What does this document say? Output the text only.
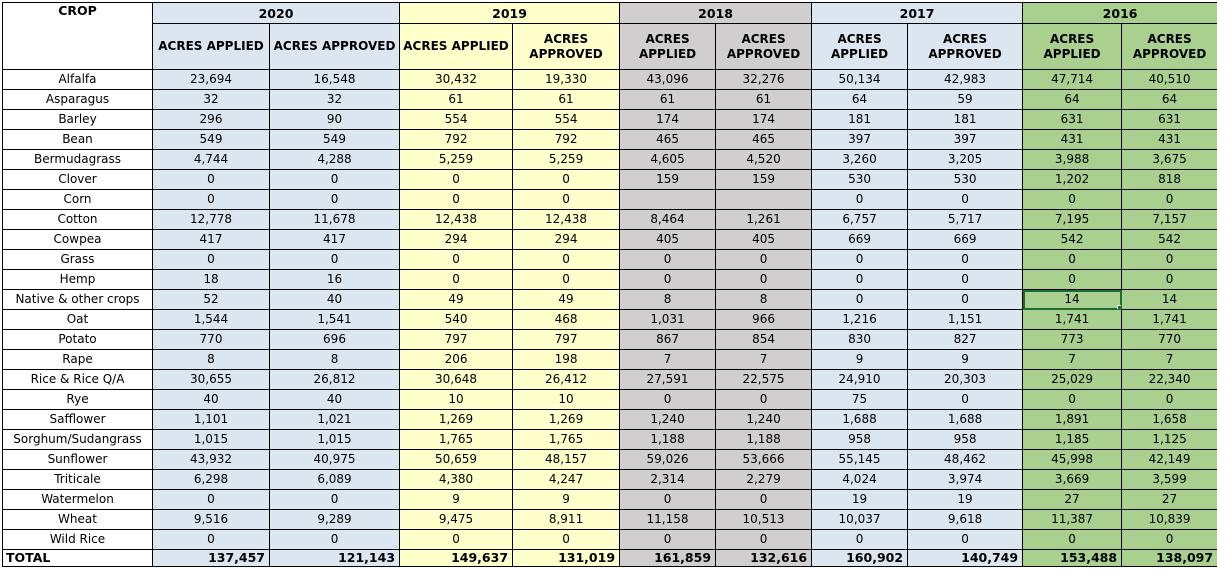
CROP	2020		2019		2018		2017		2016	
	ACRES APPLIED	ACRES APPROVED	ACRES APPLIED	ACRES APPROVED	ACRES APPLIED	ACRES APPROVED	ACRES APPLIED	ACRES APPROVED	ACRES APPLIED	ACRES APPROVED
Alfalfa	23,694	16,548	30,432	19,330	43,096	32,276	50,134	42,983	47,714	40,510
Asparagus	32	32	61	61	61	61	64	59	64	64
Barley	296	90	554	554	174	174	181	181	631	631
Bean	549	549	792	792	465	465	397	397	431	431
Bermudagrass	4,744	4,288	5,259	5,259	4,605	4,520	3,260	3,205	3,988	3,675
Clover	0	0	0	0	159	159	530	530	1,202	818
Corn	0	0	0	0			0	0	0	0
Cotton	12,778	11,678	12,438	12,438	8,464	1,261	6,757	5,717	7,195	7,157
Cowpea	417	417	294	294	405	405	669	669	542	542
Grass	0	0	0	0	0	0	0	0	0	0
Hemp	18	16	0	0	0	0	0	0	0	0
Native & other crops	52	40	49	49	8	8	0	0	14	14
Oat	1,544	1,541	540	468	1,031	966	1,216	1,151	1,741	1,741
Potato	770	696	797	797	867	854	830	827	773	770
Rape	8	8	206	198	7	7	9	9	7	7
Rice & Rice Q/A	30,655	26,812	30,648	26,412	27,591	22,575	24,910	20,303	25,029	22,340
Rye	40	40	10	10	0	0	75	0	0	0
Safflower	1,101	1,021	1,269	1,269	1,240	1,240	1,688	1,688	1,891	1,658
Sorghum/Sudangrass	1,015	1,015	1,765	1,765	1,188	1,188	958	958	1,185	1,125
Sunflower	43,932	40,975	50,659	48,157	59,026	53,666	55,145	48,462	45,998	42,149
Triticale	6,298	6,089	4,380	4,247	2,314	2,279	4,024	3,974	3,669	3,599
Watermelon	0	0	9	9	0	0	19	19	27	27
Wheat	9,516	9,289	9,475	8,911	11,158	10,513	10,037	9,618	11,387	10,839
Wild Rice	0	0	0	0	0	0	0	0	0	0
TOTAL	137,457	121,143	149,637	131,019	161,859	132,616	160,902	140,749	153,488	138,097
